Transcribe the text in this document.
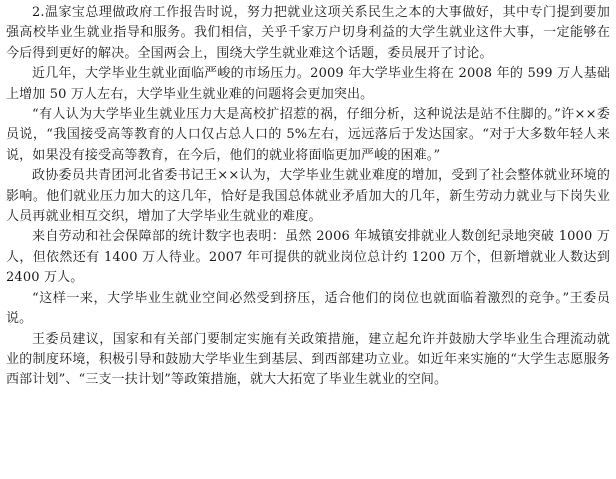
2.温家宝总理做政府工作报告时说，努力把就业这项关系民生之本的大事做好，其中专门提到要加强高校毕业生就业指导和服务。我们相信，关乎千家万户切身利益的大学生就业这件大事，一定能够在今后得到更好的解决。全国两会上，围绕大学生就业难这个话题，委员展开了讨论。

近几年，大学毕业生就业面临严峻的市场压力。2009 年大学毕业生将在 2008 年的 599 万人基础上增加 50 万人左右，大学毕业生就业难的问题将会更加突出。

“有人认为大学毕业生就业压力大是高校扩招惹的祸，仔细分析，这种说法是站不住脚的。”许××委员说，“我国接受高等教育的人口仅占总人口的 5%左右，远远落后于发达国家。“对于大多数年轻人来说，如果没有接受高等教育，在今后，他们的就业将面临更加严峻的困难。”

政协委员共青团河北省委书记王××认为，大学毕业生就业难度的增加，受到了社会整体就业环境的影响。他们就业压力加大的这几年，恰好是我国总体就业矛盾加大的几年，新生劳动力就业与下岗失业人员再就业相互交织，增加了大学毕业生就业的难度。

来自劳动和社会保障部的统计数字也表明：虽然 2006 年城镇安排就业人数创纪录地突破 1000 万人，但依然还有 1400 万人待业。2007 年可提供的就业岗位总计约 1200 万个，但新增就业人数达到 2400 万人。

“这样一来，大学毕业生就业空间必然受到挤压，适合他们的岗位也就面临着激烈的竞争。”王委员说。

王委员建议，国家和有关部门要制定实施有关政策措施，建立起允许并鼓励大学毕业生合理流动就业的制度环境，积极引导和鼓励大学毕业生到基层、到西部建功立业。如近年来实施的“大学生志愿服务西部计划”、“三支一扶计划”等政策措施，就大大拓宽了毕业生就业的空间。
